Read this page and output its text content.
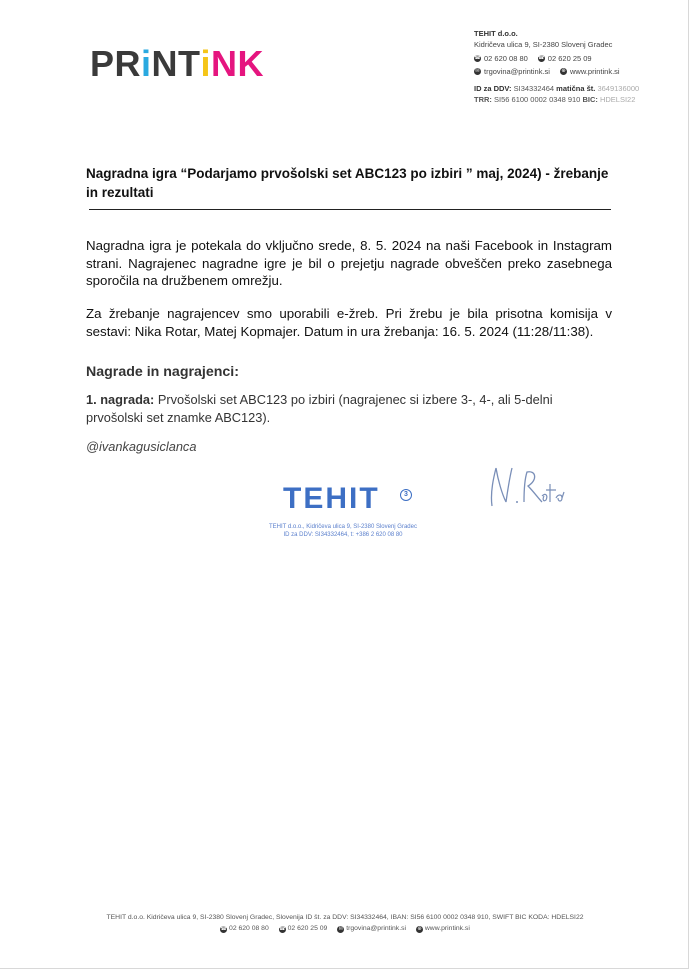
PRiNTiNK
TEHIT d.o.o.
Kidričeva ulica 9, SI-2380 Slovenj Gradec
☎ 02 620 08 80 ☎ 02 620 25 09
✉ trgovina@printink.si ⊕ www.printink.si
ID za DDV: SI34332464 matična št. 3649136000
TRR: SI56 6100 0002 0348 910 BIC: HDELSI22
Nagradna igra “Podarjamo prvošolski set ABC123 po izbiri ” maj, 2024) - žrebanje in rezultati
Nagradna igra je potekala do vključno srede, 8. 5. 2024 na naši Facebook in Instagram strani. Nagrajenec nagradne igre je bil o prejetju nagrade obveščen preko zasebnega sporočila na družbenem omrežju.
Za žrebanje nagrajencev smo uporabili e-žreb. Pri žrebu je bila prisotna komisija v sestavi: Nika Rotar, Matej Kopmajer. Datum in ura žrebanja: 16. 5. 2024 (11:28/11:38).
Nagrade in nagrajenci:
1. nagrada: Prvošolski set ABC123 po izbiri (nagrajenec si izbere 3-, 4-, ali 5-delni prvošolski set znamke ABC123).
@ivankagusiclanca
TEHIT	3
TEHIT d.o.o., Kidričeva ulica 9, SI-2380 Slovenj Gradec
ID za DDV: SI34332464, t: +386 2 620 08 80
TEHIT d.o.o. Kidričeva ulica 9, SI-2380 Slovenj Gradec, Slovenija ID št. za DDV: SI34332464, IBAN: SI56 6100 0002 0348 910, SWIFT BIC KODA: HDELSI22
☎ 02 620 08 80 ☎ 02 620 25 09 ✉ trgovina@printink.si ⊕ www.printink.si
